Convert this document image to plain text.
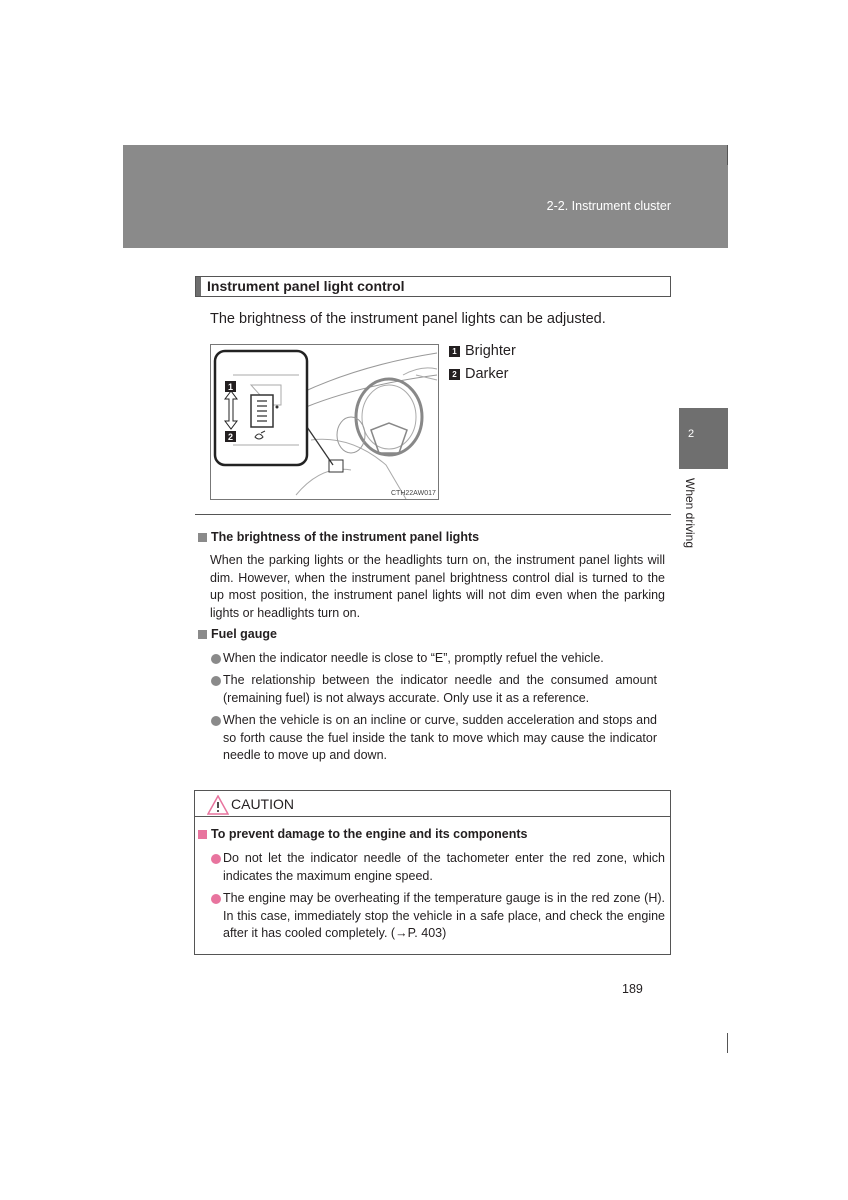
2-2. Instrument cluster
2
When driving
Instrument panel light control
The brightness of the instrument panel lights can be adjusted.
1
2
CTH22AW017
1 Brighter
2 Darker
The brightness of the instrument panel lights
When the parking lights or the headlights turn on, the instrument panel lights will dim. However, when the instrument panel brightness control dial is turned to the up most position, the instrument panel lights will not dim even when the parking lights or headlights turn on.
Fuel gauge
When the indicator needle is close to “E”, promptly refuel the vehicle.
The relationship between the indicator needle and the consumed amount (remaining fuel) is not always accurate. Only use it as a reference.
When the vehicle is on an incline or curve, sudden acceleration and stops and so forth cause the fuel inside the tank to move which may cause the indicator needle to move up and down.
CAUTION
To prevent damage to the engine and its components
Do not let the indicator needle of the tachometer enter the red zone, which indicates the maximum engine speed.
The engine may be overheating if the temperature gauge is in the red zone (H). In this case, immediately stop the vehicle in a safe place, and check the engine after it has cooled completely. (→P. 403)
189
